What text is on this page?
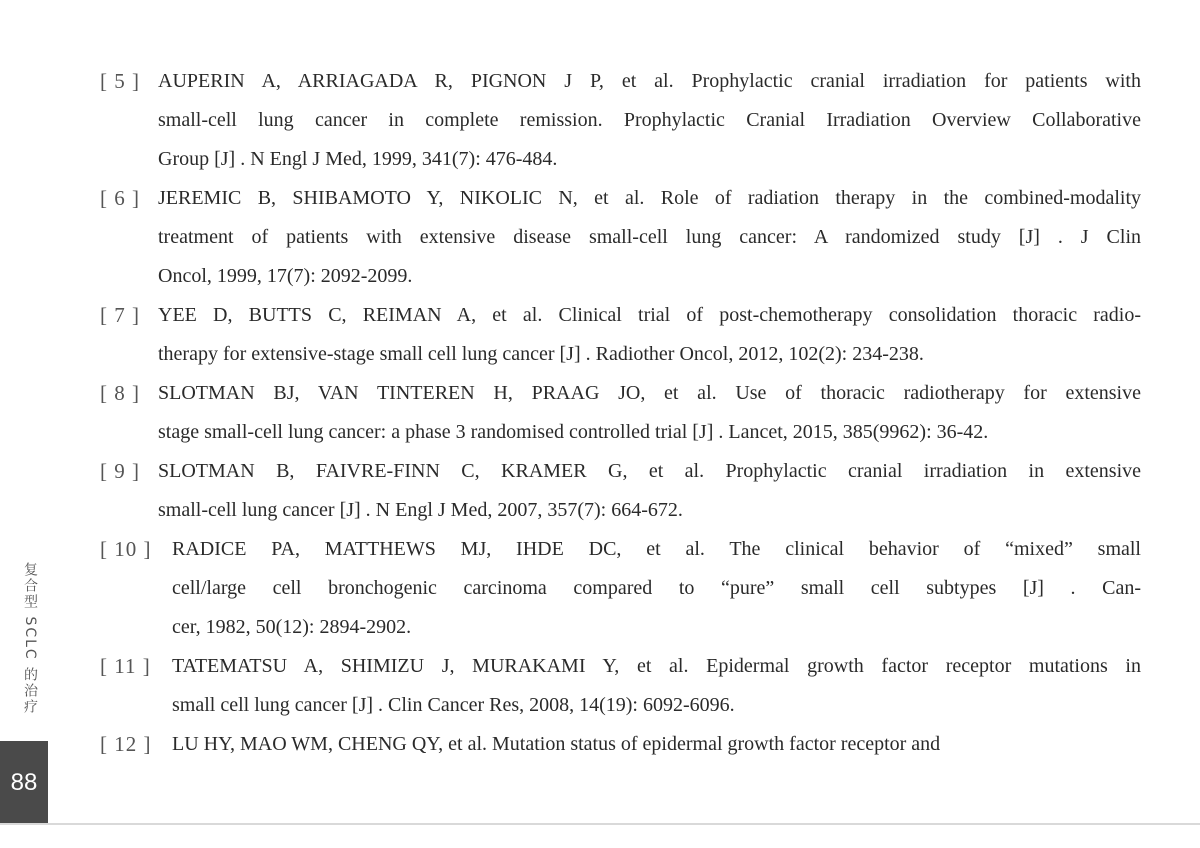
[ 5 ] AUPERIN A, ARRIAGADA R, PIGNON J P, et al. Prophylactic cranial irradiation for patients with
small-cell lung cancer in complete remission. Prophylactic Cranial Irradiation Overview Collaborative
Group [J] . N Engl J Med, 1999, 341(7): 476-484.
[ 6 ] JEREMIC B, SHIBAMOTO Y, NIKOLIC N, et al. Role of radiation therapy in the combined-modality
treatment of patients with extensive disease small-cell lung cancer: A randomized study [J] . J Clin
Oncol, 1999, 17(7): 2092-2099.
[ 7 ] YEE D, BUTTS C, REIMAN A, et al. Clinical trial of post-chemotherapy consolidation thoracic radio-
therapy for extensive-stage small cell lung cancer [J] . Radiother Oncol, 2012, 102(2): 234-238.
[ 8 ] SLOTMAN BJ, VAN TINTEREN H, PRAAG JO, et al. Use of thoracic radiotherapy for extensive
stage small-cell lung cancer: a phase 3 randomised controlled trial [J] . Lancet, 2015, 385(9962): 36-42.
[ 9 ] SLOTMAN B, FAIVRE-FINN C, KRAMER G, et al. Prophylactic cranial irradiation in extensive
small-cell lung cancer [J] . N Engl J Med, 2007, 357(7): 664-672.
[ 10 ] RADICE PA, MATTHEWS MJ, IHDE DC, et al. The clinical behavior of “mixed” small
cell/large cell bronchogenic carcinoma compared to “pure” small cell subtypes [J] . Can-
cer, 1982, 50(12): 2894-2902.
[ 11 ] TATEMATSU A, SHIMIZU J, MURAKAMI Y, et al. Epidermal growth factor receptor mutations in
small cell lung cancer [J] . Clin Cancer Res, 2008, 14(19): 6092-6096.
[ 12 ] LU HY, MAO WM, CHENG QY, et al. Mutation status of epidermal growth factor receptor and
复合型 SCLC 的治疗
88
